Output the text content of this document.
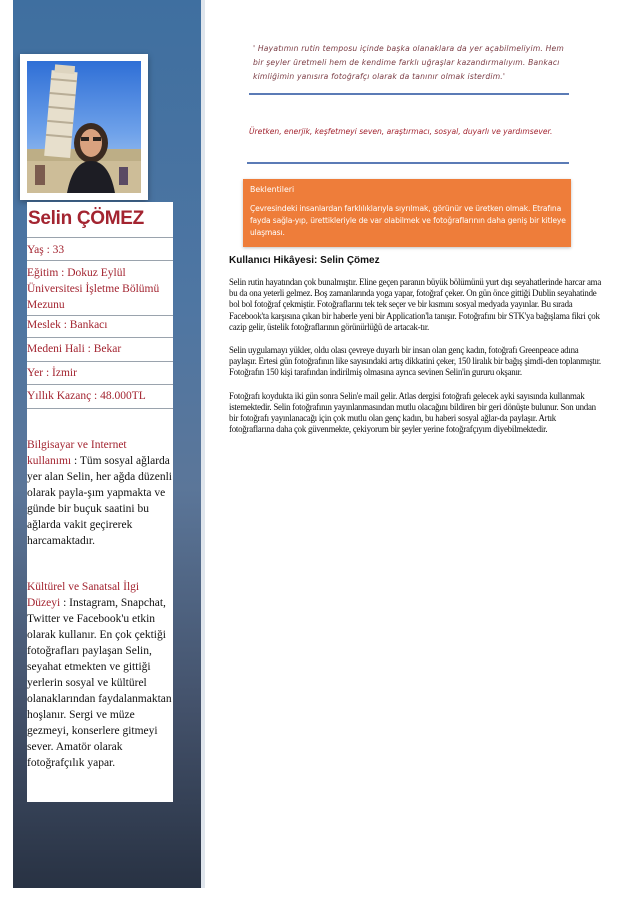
Selin ÇÖMEZ
Yaş : 33
Eğitim : Dokuz Eylül Üniversitesi İşletme Bölümü Mezunu
Meslek : Bankacı
Medeni Hali : Bekar
Yer : İzmir
Yıllık Kazanç : 48.000TL
Bilgisayar ve Internet kullanımı : Tüm sosyal ağlarda yer alan Selin, her ağda düzenli olarak payla-şım yapmakta ve günde bir buçuk saatini bu ağlarda vakit geçirerek harcamaktadır.
Kültürel ve Sanatsal İlgi Düzeyi : Instagram, Snapchat, Twitter ve Facebook'u etkin olarak kullanır. En çok çektiği fotoğrafları paylaşan Selin, seyahat etmekten ve gittiği yerlerin sosyal ve kültürel olanaklarından faydalanmaktan hoşlanır. Sergi ve müze gezmeyi, konserlere gitmeyi sever. Amatör olarak fotoğrafçılık yapar.
' Hayatımın rutin temposu içinde başka olanaklara da yer açabilmeliyim. Hem bir şeyler üretmeli hem de kendime farklı uğraşlar kazandırmalıyım. Bankacı kimliğimin yanısıra fotoğrafçı olarak da tanınır olmak isterdim.'
Üretken, enerjik, keşfetmeyi seven, araştırmacı, sosyal, duyarlı ve yardımsever.
Beklentileri
Çevresindeki insanlardan farklılıklarıyla sıyrılmak, görünür ve üretken olmak. Etrafına fayda sağla-yıp, ürettikleriyle de var olabilmek ve fotoğraflarının daha geniş bir kitleye ulaşması.
Kullanıcı Hikâyesi: Selin Çömez

Selin rutin hayatından çok bunalmıştır. Eline geçen paranın büyük bölümünü yurt dışı seyahatlerinde harcar ama bu da ona yeterli gelmez. Boş zamanlarında yoga yapar, fotoğraf çeker. On gün önce gittiği Dublin seyahatinde bol bol fotoğraf çekmiştir. Fotoğraflarını tek tek seçer ve bir kısmını sosyal medyada yayınlar. Bu sırada Facebook'ta karşısına çıkan bir haberle yeni bir Application'la tanışır. Fotoğrafını bir STK'ya bağışlama fikri çok cazip gelir, üstelik fotoğraflarının görünürlüğü de artacak-tır.

Selin uygulamayı yükler, oldu olası çevreye duyarlı bir insan olan genç kadın, fotoğrafı Greenpeace adına paylaşır. Ertesi gün fotoğrafının like sayısındaki artış dikkatini çeker, 150 liralık bir bağış şimdi-den toplanmıştır. Fotoğrafın 150 kişi tarafından indirilmiş olmasına ayrıca sevinen Selin'in gururu okşanır.

Fotoğrafı koydukta iki gün sonra Selin'e mail gelir. Atlas dergisi fotoğrafı gelecek ayki sayısında kullanmak istemektedir. Selin fotoğrafının yayınlanmasından mutlu olacağını bildiren bir geri dönüşte bulunur. Son undan bir fotoğrafı yayınlanacağı için çok mutlu olan genç kadın, bu haberi sosyal ağlar-da paylaşır. Artık fotoğraflarına daha çok güvenmekte, çekiyorum bir şeyler yerine fotoğrafçıyım diyebilmektedir.
